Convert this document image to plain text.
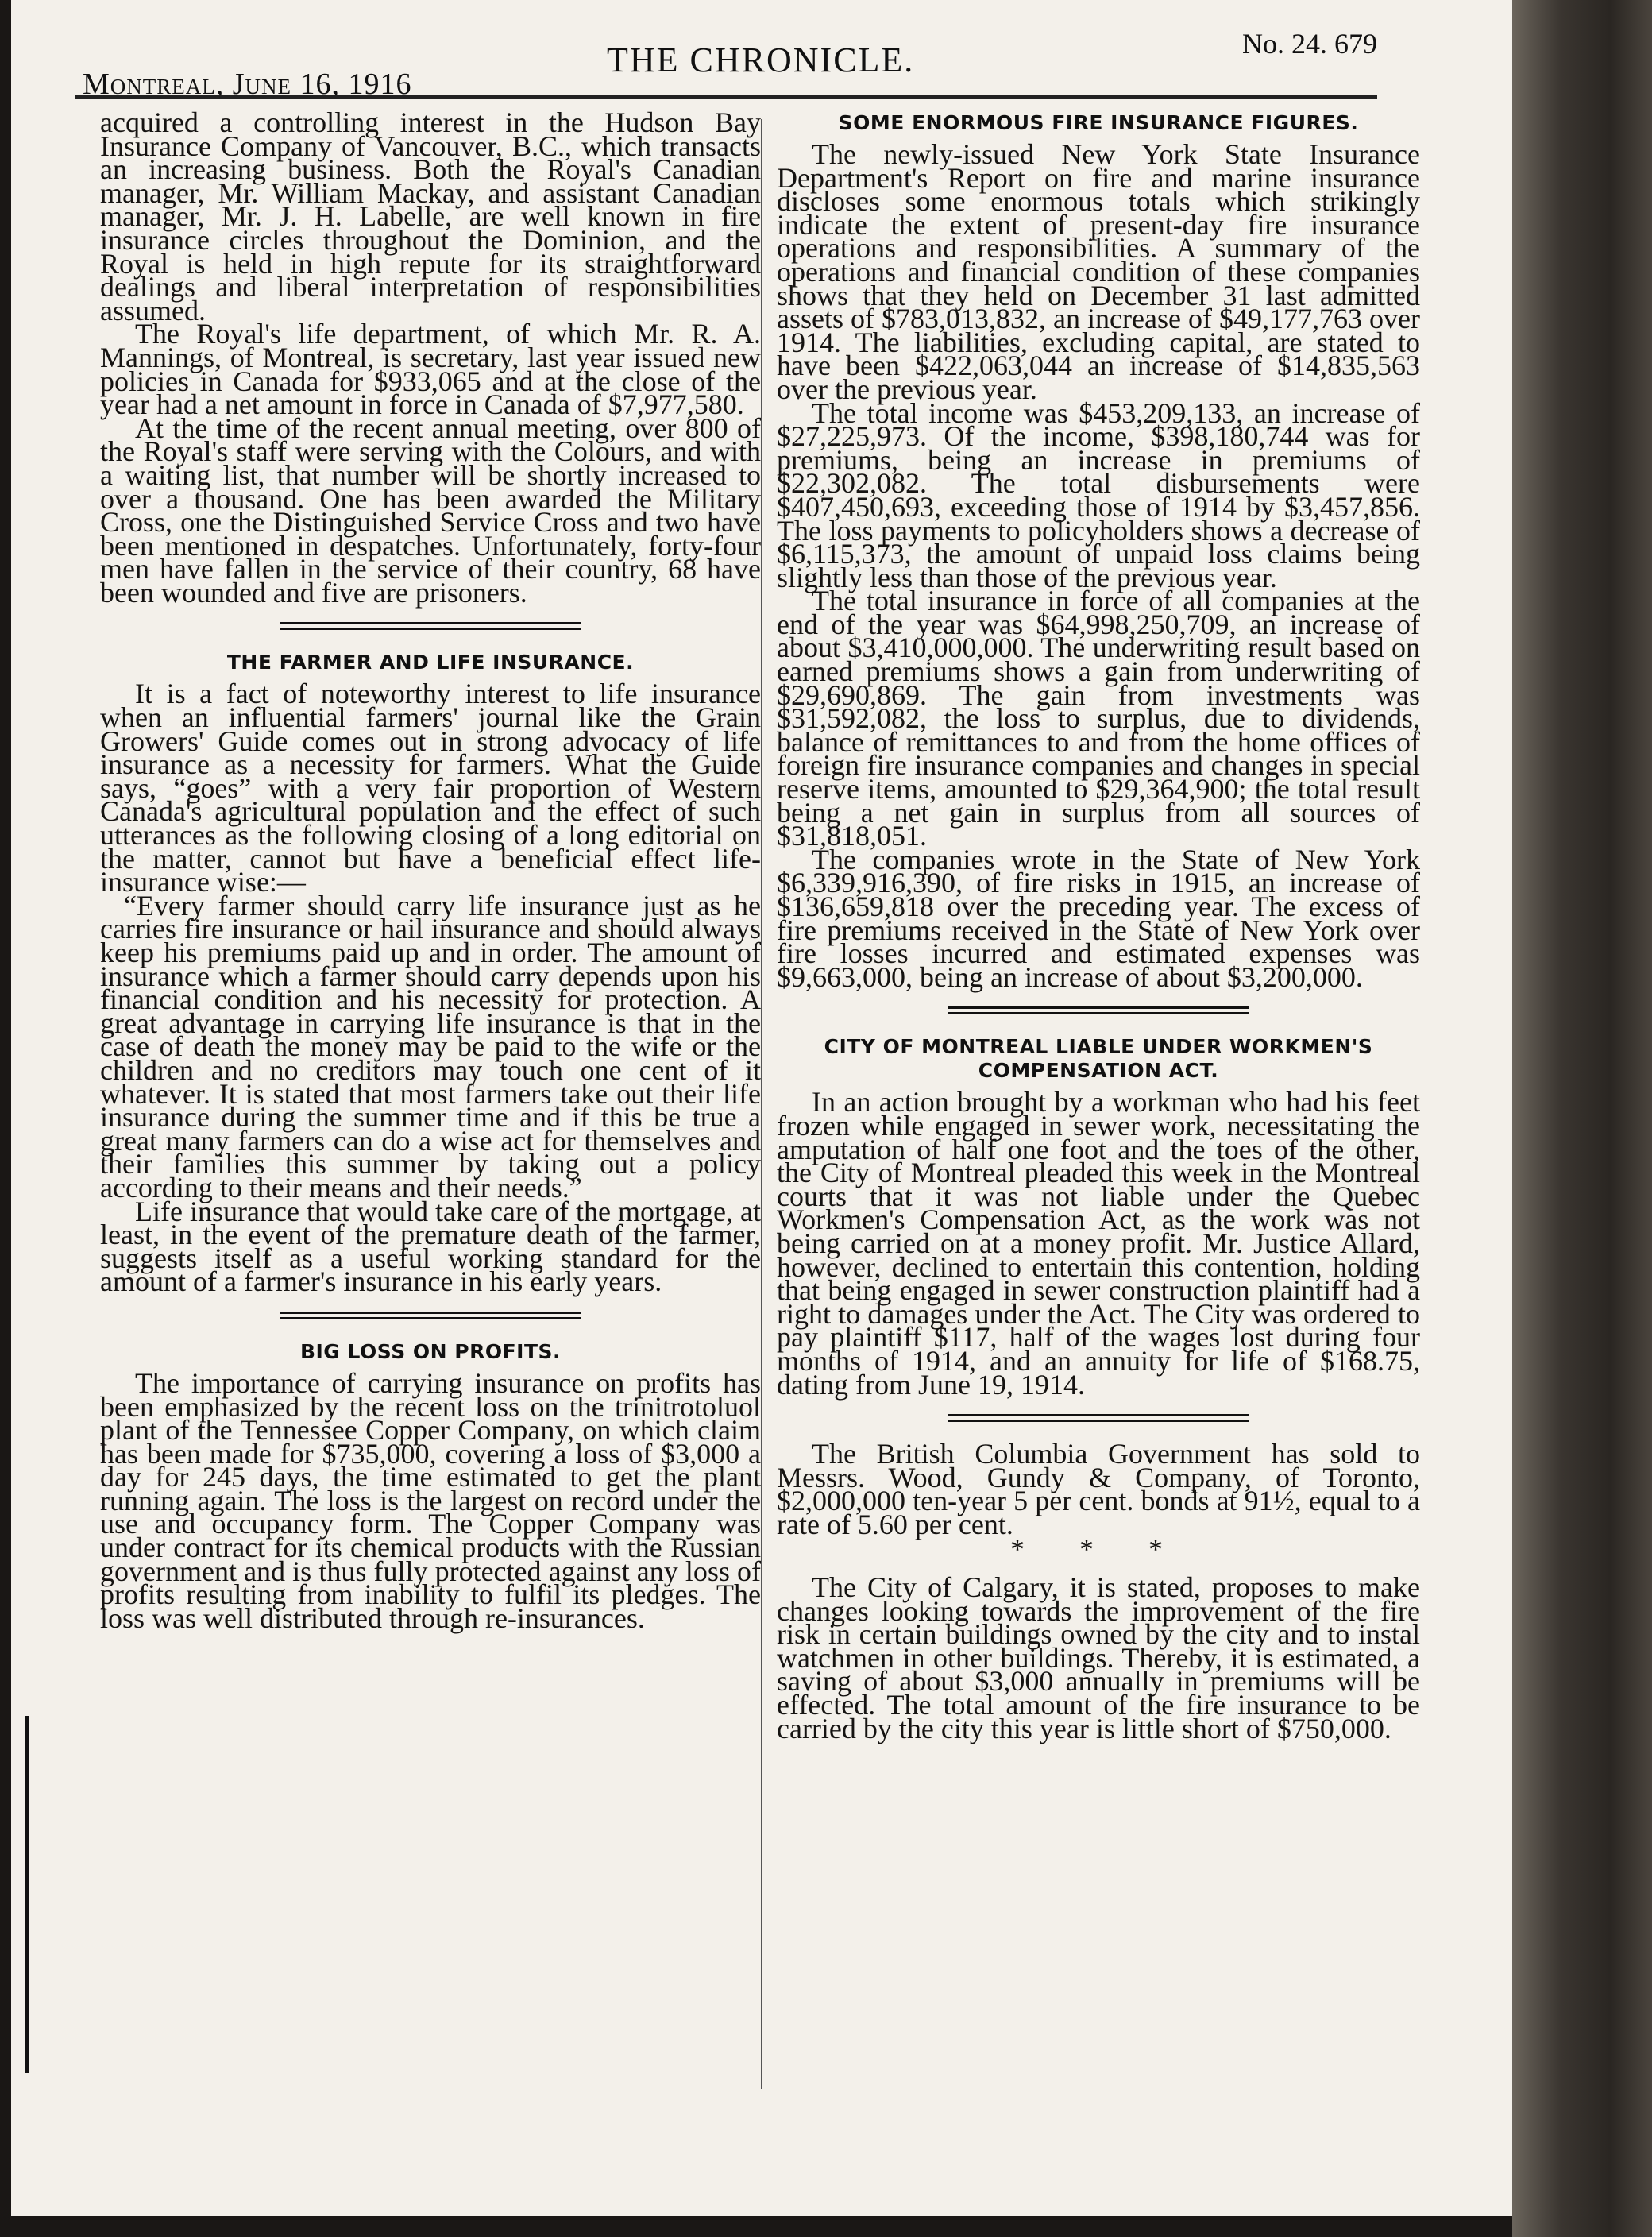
Montreal, June 16, 1916
THE CHRONICLE.	No. 24. 679

acquired a controlling interest in the Hudson Bay Insurance Company of Vancouver, B.C., which transacts an increasing business. Both the Royal's Canadian manager, Mr. William Mackay, and assistant Canadian manager, Mr. J. H. Labelle, are well known in fire insurance circles throughout the Dominion, and the Royal is held in high repute for its straightforward dealings and liberal interpretation of responsibilities assumed.

The Royal's life department, of which Mr. R. A. Mannings, of Montreal, is secretary, last year issued new policies in Canada for $933,065 and at the close of the year had a net amount in force in Canada of $7,977,580.

At the time of the recent annual meeting, over 800 of the Royal's staff were serving with the Colours, and with a waiting list, that number will be shortly increased to over a thousand. One has been awarded the Military Cross, one the Distinguished Service Cross and two have been mentioned in despatches. Unfortunately, forty-four men have fallen in the service of their country, 68 have been wounded and five are prisoners.

THE FARMER AND LIFE INSURANCE.

It is a fact of noteworthy interest to life insurance when an influential farmers' journal like the Grain Growers' Guide comes out in strong advocacy of life insurance as a necessity for farmers. What the Guide says, “goes” with a very fair proportion of Western Canada's agricultural population and the effect of such utterances as the following closing of a long editorial on the matter, cannot but have a beneficial effect life-insurance wise:—

“Every farmer should carry life insurance just as he carries fire insurance or hail insurance and should always keep his premiums paid up and in order. The amount of insurance which a farmer should carry depends upon his financial condition and his necessity for protection. A great advantage in carrying life insurance is that in the case of death the money may be paid to the wife or the children and no creditors may touch one cent of it whatever. It is stated that most farmers take out their life insurance during the summer time and if this be true a great many farmers can do a wise act for themselves and their families this summer by taking out a policy according to their means and their needs.”

Life insurance that would take care of the mortgage, at least, in the event of the premature death of the farmer, suggests itself as a useful working standard for the amount of a farmer's insurance in his early years.

BIG LOSS ON PROFITS.

The importance of carrying insurance on profits has been emphasized by the recent loss on the trinitrotoluol plant of the Tennessee Copper Company, on which claim has been made for $735,000, covering a loss of $3,000 a day for 245 days, the time estimated to get the plant running again. The loss is the largest on record under the use and occupancy form. The Copper Company was under contract for its chemical products with the Russian government and is thus fully protected against any loss of profits resulting from inability to fulfil its pledges. The loss was well distributed through re-insurances.

SOME ENORMOUS FIRE INSURANCE FIGURES.

The newly-issued New York State Insurance Department's Report on fire and marine insurance discloses some enormous totals which strikingly indicate the extent of present-day fire insurance operations and responsibilities. A summary of the operations and financial condition of these companies shows that they held on December 31 last admitted assets of $783,013,832, an increase of $49,177,763 over 1914. The liabilities, excluding capital, are stated to have been $422,063,044 an increase of $14,835,563 over the previous year.

The total income was $453,209,133, an increase of $27,225,973. Of the income, $398,180,744 was for premiums, being an increase in premiums of $22,302,082. The total disbursements were $407,450,693, exceeding those of 1914 by $3,457,856. The loss payments to policyholders shows a decrease of $6,115,373, the amount of unpaid loss claims being slightly less than those of the previous year.

The total insurance in force of all companies at the end of the year was $64,998,250,709, an increase of about $3,410,000,000. The underwriting result based on earned premiums shows a gain from underwriting of $29,690,869. The gain from investments was $31,592,082, the loss to surplus, due to dividends, balance of remittances to and from the home offices of foreign fire insurance companies and changes in special reserve items, amounted to $29,364,900; the total result being a net gain in surplus from all sources of $31,818,051.

The companies wrote in the State of New York $6,339,916,390, of fire risks in 1915, an increase of $136,659,818 over the preceding year. The excess of fire premiums received in the State of New York over fire losses incurred and estimated expenses was $9,663,000, being an increase of about $3,200,000.

CITY OF MONTREAL LIABLE UNDER WORKMEN'S
COMPENSATION ACT.

In an action brought by a workman who had his feet frozen while engaged in sewer work, necessitating the amputation of half one foot and the toes of the other, the City of Montreal pleaded this week in the Montreal courts that it was not liable under the Quebec Workmen's Compensation Act, as the work was not being carried on at a money profit. Mr. Justice Allard, however, declined to entertain this contention, holding that being engaged in sewer construction plaintiff had a right to damages under the Act. The City was ordered to pay plaintiff $117, half of the wages lost during four months of 1914, and an annuity for life of $168.75, dating from June 19, 1914.

The British Columbia Government has sold to Messrs. Wood, Gundy & Company, of Toronto, $2,000,000 ten-year 5 per cent. bonds at 91½, equal to a rate of 5.60 per cent.

* * *

The City of Calgary, it is stated, proposes to make changes looking towards the improvement of the fire risk in certain buildings owned by the city and to instal watchmen in other buildings. Thereby, it is estimated, a saving of about $3,000 annually in premiums will be effected. The total amount of the fire insurance to be carried by the city this year is little short of $750,000.
